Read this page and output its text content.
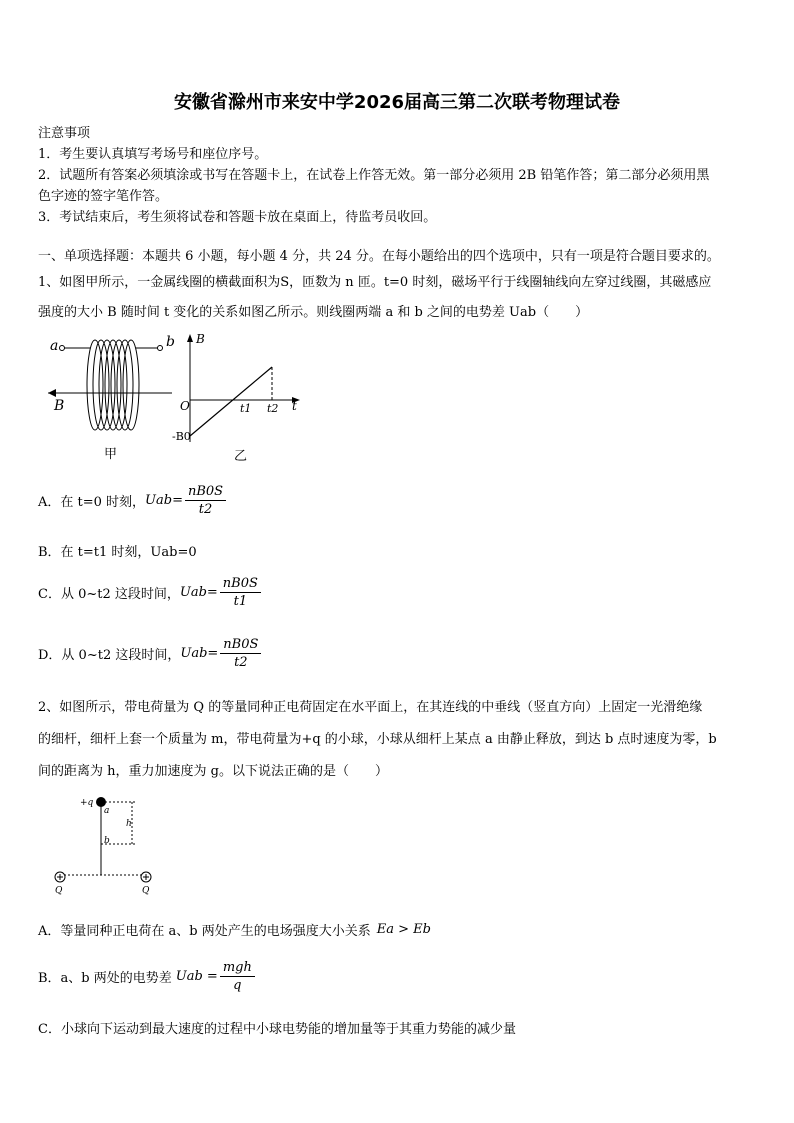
安徽省滁州市来安中学2026届高三第二次联考物理试卷
注意事项
1．考生要认真填写考场号和座位序号。
2．试题所有答案必须填涂或书写在答题卡上，在试卷上作答无效。第一部分必须用 2B 铅笔作答；第二部分必须用黑
色字迹的签字笔作答。
3．考试结束后，考生须将试卷和答题卡放在桌面上，待监考员收回。
一、单项选择题：本题共 6 小题，每小题 4 分，共 24 分。在每小题给出的四个选项中，只有一项是符合题目要求的。
1、如图甲所示，一金属线圈的横截面积为S，匝数为 n 匝。t=0 时刻，磁场平行于线圈轴线向左穿过线圈，其磁感应
强度的大小 B 随时间 t 变化的关系如图乙所示。则线圈两端 a 和 b 之间的电势差 Uab（　　）
a	b
B
甲
B
O	t1 t2 t
-B0
乙
A．在 t=0 时刻， $Uab= \frac{nB0S}{t2}$
B．在 t=t1 时刻，Uab=0
C．从 0~t2 这段时间， $Uab= \frac{nB0S}{t1}$
D．从 0~t2 这段时间， $Uab= \frac{nB0S}{t2}$
2、如图所示，带电荷量为 Q 的等量同种正电荷固定在水平面上，在其连线的中垂线（竖直方向）上固定一光滑绝缘
的细杆，细杆上套一个质量为 m，带电荷量为+q 的小球，小球从细杆上某点 a 由静止释放，到达 b 点时速度为零，b
间的距离为 h，重力加速度为 g。以下说法正确的是（　　）
+q
a
b
h
Q	Q
A．等量同种正电荷在 a、b 两处产生的电场强度大小关系 Ea > Eb
B．a、b 两处的电势差 Uab = $\frac{\text{mgh}}{q}$
C．小球向下运动到最大速度的过程中小球电势能的增加量等于其重力势能的减少量
